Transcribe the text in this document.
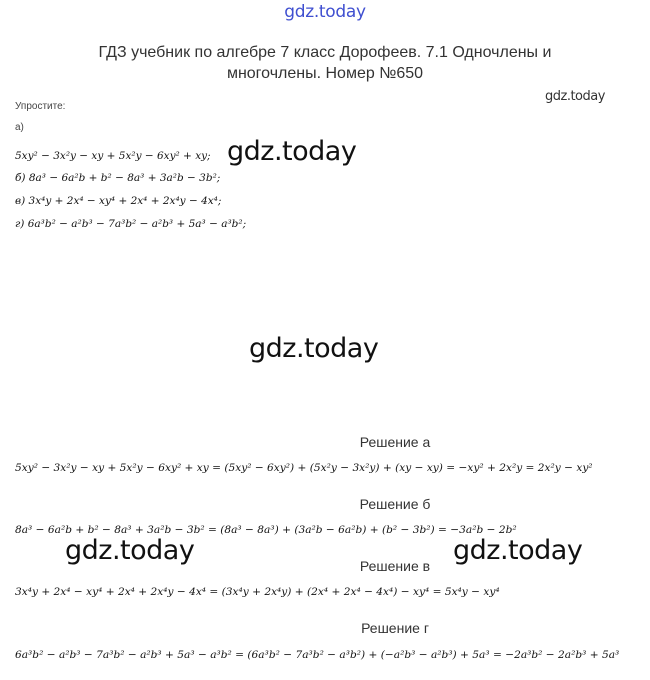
gdz.today
ГДЗ учебник по алгебре 7 класс Дорофеев. 7.1 Одночлены и
многочлены. Номер №650
gdz.today
Упростите:
а)
5xy² − 3x²y − xy + 5x²y − 6xy² + xy; gdz.today
б) 8a³ − 6a²b + b² − 8a³ + 3a²b − 3b²;
в) 3x⁴y + 2x⁴ − xy⁴ + 2x⁴ + 2x⁴y − 4x⁴;
г) 6a³b² − a²b³ − 7a³b² − a²b³ + 5a³ − a³b²;
gdz.today
Решение а
5xy² − 3x²y − xy + 5x²y − 6xy² + xy = (5xy² − 6xy²) + (5x²y − 3x²y) + (xy − xy) = −xy² + 2x²y = 2x²y − xy²
Решение б
8a³ − 6a²b + b² − 8a³ + 3a²b − 3b² = (8a³ − 8a³) + (3a²b − 6a²b) + (b² − 3b²) = −3a²b − 2b²
gdz.today	gdz.today
Решение в
3x⁴y + 2x⁴ − xy⁴ + 2x⁴ + 2x⁴y − 4x⁴ = (3x⁴y + 2x⁴y) + (2x⁴ + 2x⁴ − 4x⁴) − xy⁴ = 5x⁴y − xy⁴
Решение г
6a³b² − a²b³ − 7a³b² − a²b³ + 5a³ − a³b² = (6a³b² − 7a³b² − a³b²) + (−a²b³ − a²b³) + 5a³ = −2a³b² − 2a²b³ + 5a³
